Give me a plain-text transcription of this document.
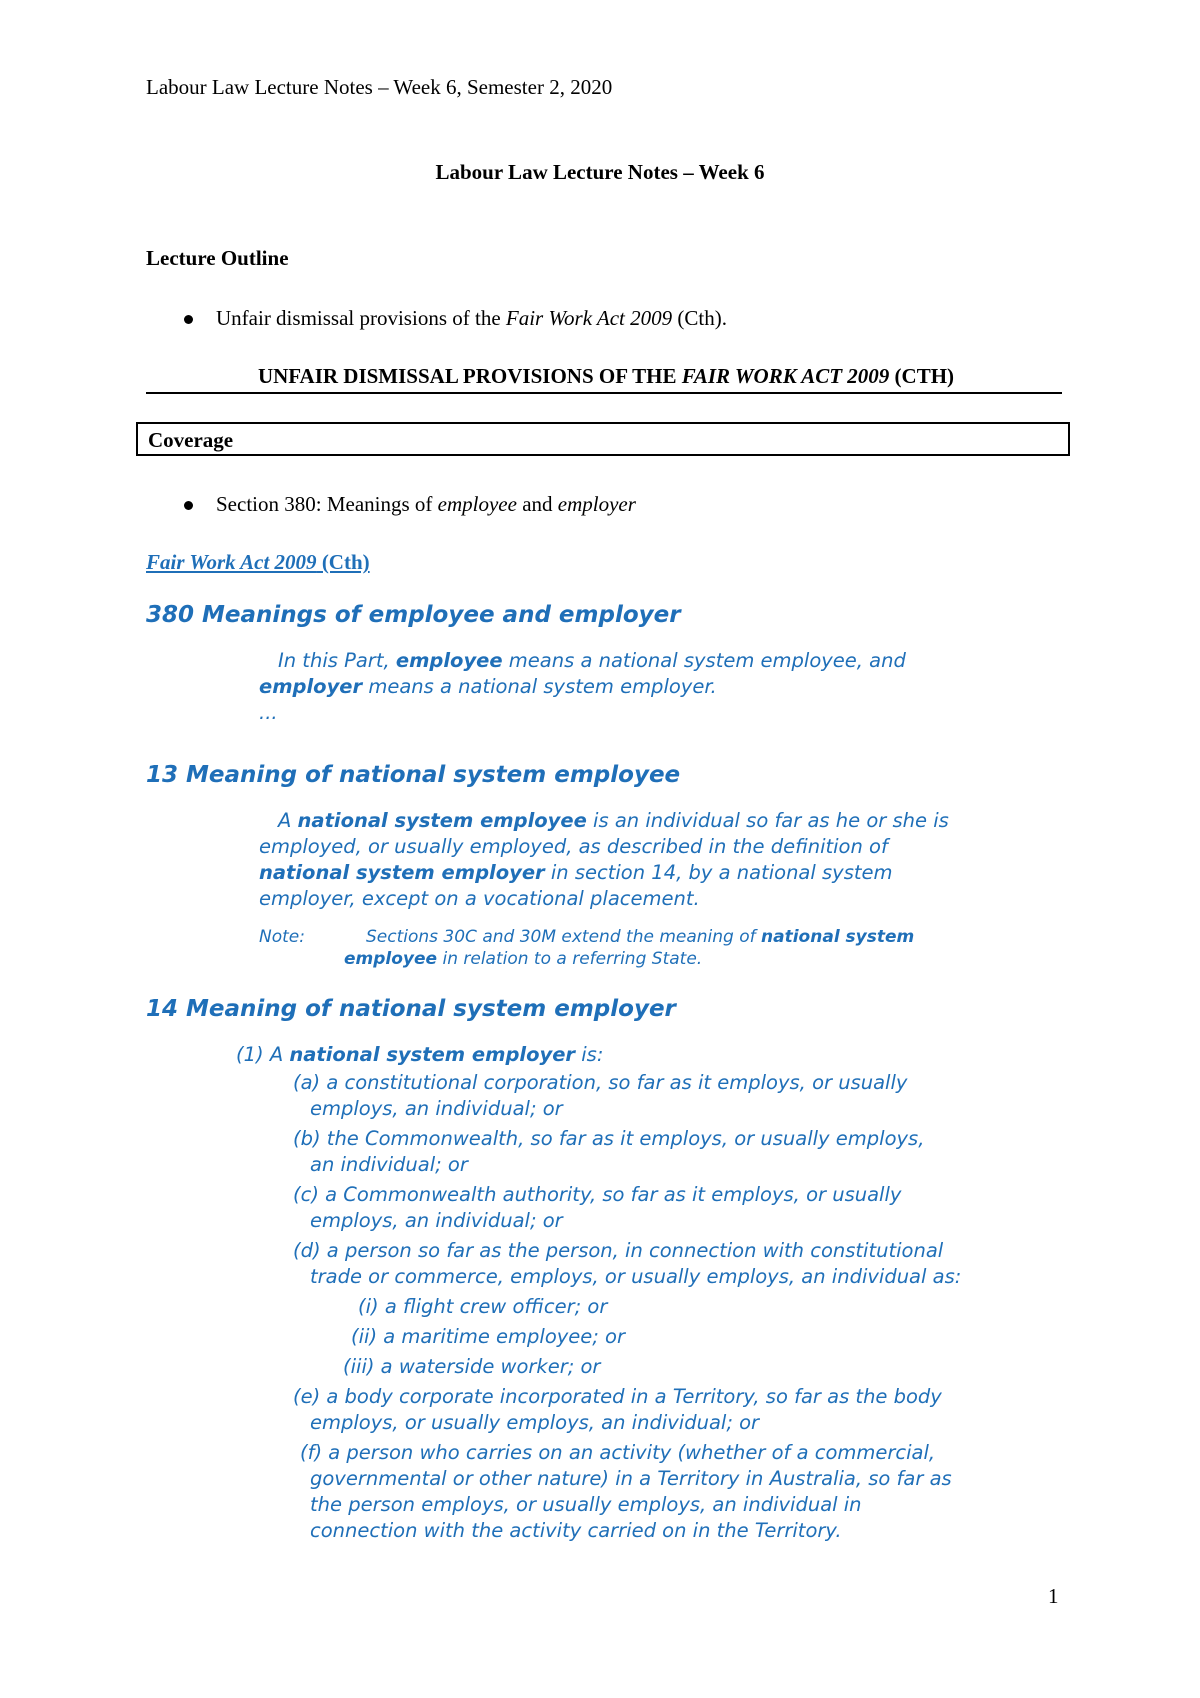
Labour Law Lecture Notes – Week 6, Semester 2, 2020
Labour Law Lecture Notes – Week 6
Lecture Outline
Unfair dismissal provisions of the Fair Work Act 2009 (Cth).
UNFAIR DISMISSAL PROVISIONS OF THE FAIR WORK ACT 2009 (CTH)
Coverage
Section 380: Meanings of employee and employer
Fair Work Act 2009 (Cth)
380 Meanings of employee and employer
In this Part, employee means a national system employee, and
employer means a national system employer.
...
13 Meaning of national system employee
A national system employee is an individual so far as he or she is
employed, or usually employed, as described in the definition of
national system employer in section 14, by a national system
employer, except on a vocational placement.
Note:	Sections 30C and 30M extend the meaning of national system
employee in relation to a referring State.
14 Meaning of national system employer
(1) A national system employer is:
(a) a constitutional corporation, so far as it employs, or usually
employs, an individual; or
(b) the Commonwealth, so far as it employs, or usually employs,
an individual; or
(c) a Commonwealth authority, so far as it employs, or usually
employs, an individual; or
(d) a person so far as the person, in connection with constitutional
trade or commerce, employs, or usually employs, an individual as:
(i) a flight crew officer; or
(ii) a maritime employee; or
(iii) a waterside worker; or
(e) a body corporate incorporated in a Territory, so far as the body
employs, or usually employs, an individual; or
(f) a person who carries on an activity (whether of a commercial,
governmental or other nature) in a Territory in Australia, so far as
the person employs, or usually employs, an individual in
connection with the activity carried on in the Territory.
1
